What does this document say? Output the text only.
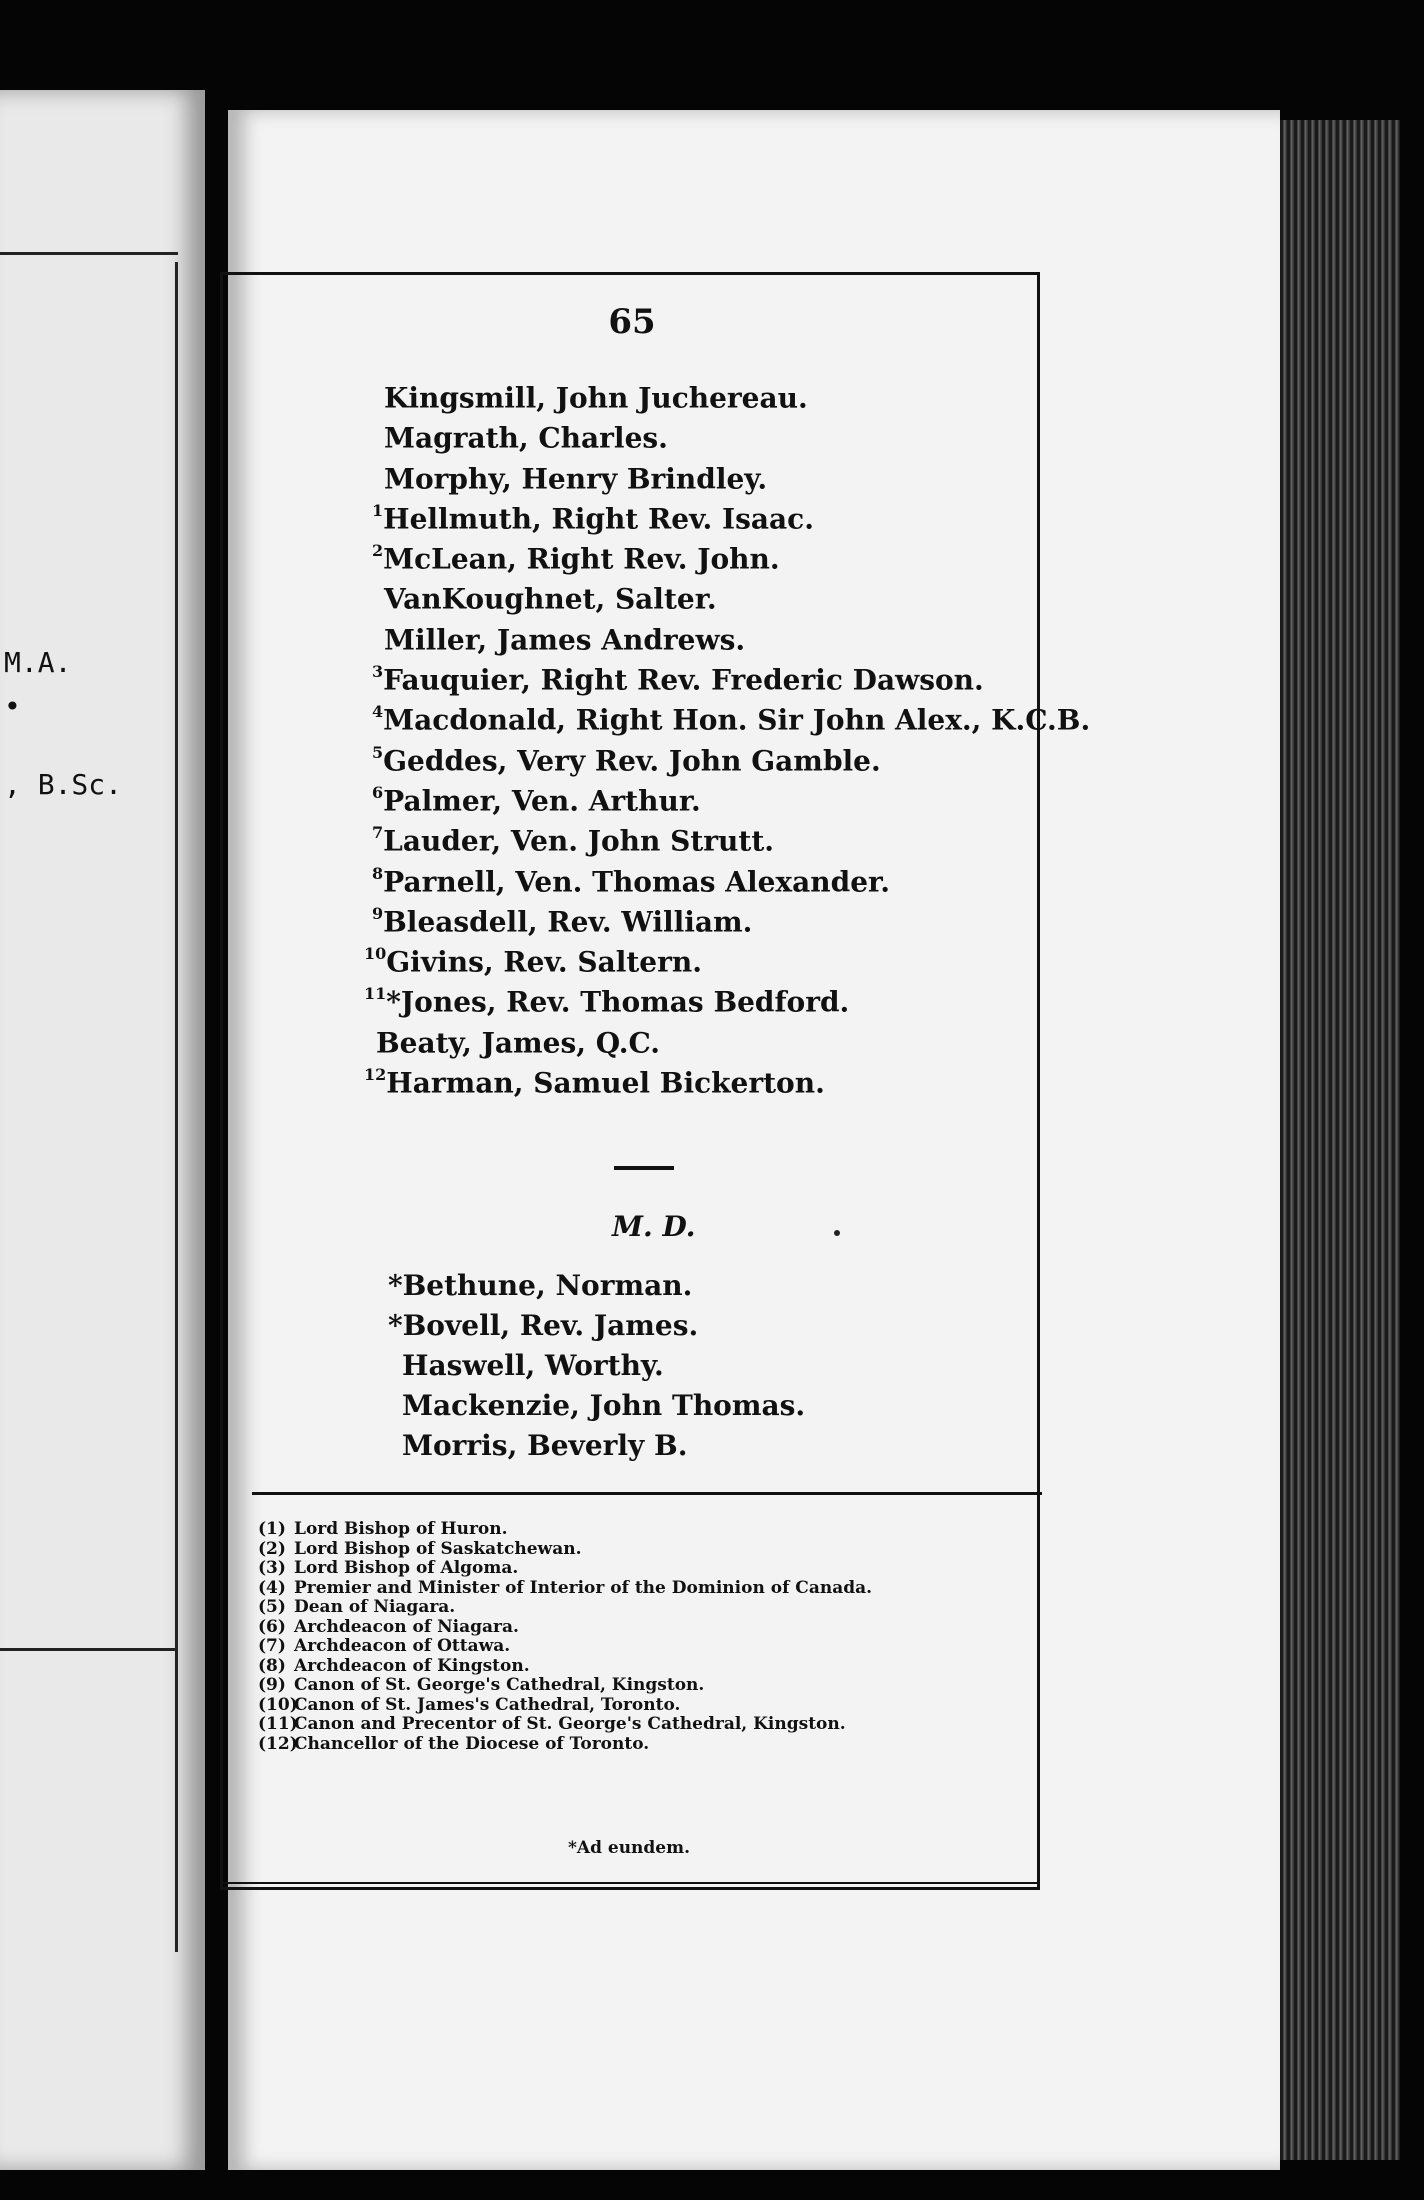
M.A.
•
, B.Sc.
65
Kingsmill, John Juchereau.
Magrath, Charles.
Morphy, Henry Brindley.
$^1$Hellmuth, Right Rev. Isaac.
$^2$McLean, Right Rev. John.
VanKoughnet, Salter.
Miller, James Andrews.
$^3$Fauquier, Right Rev. Frederic Dawson.
$^4$Macdonald, Right Hon. Sir John Alex., K.C.B.
$^5$Geddes, Very Rev. John Gamble.
$^6$Palmer, Ven. Arthur.
$^7$Lauder, Ven. John Strutt.
$^8$Parnell, Ven. Thomas Alexander.
$^9$Bleasdell, Rev. William.
$^{10}$Givins, Rev. Saltern.
$^{11}$*Jones, Rev. Thomas Bedford.
Beaty, James, Q.C.
$^{12}$Harman, Samuel Bickerton.
M. D.
*Bethune, Norman.
*Bovell, Rev. James.
Haswell, Worthy.
Mackenzie, John Thomas.
Morris, Beverly B.
(1) Lord Bishop of Huron.
(2) Lord Bishop of Saskatchewan.
(3) Lord Bishop of Algoma.
(4) Premier and Minister of Interior of the Dominion of Canada.
(5) Dean of Niagara.
(6) Archdeacon of Niagara.
(7) Archdeacon of Ottawa.
(8) Archdeacon of Kingston.
(9) Canon of St. George's Cathedral, Kingston.
(10)Canon of St. James's Cathedral, Toronto.
(11)Canon and Precentor of St. George's Cathedral, Kingston.
(12)Chancellor of the Diocese of Toronto.
*Ad eundem.
